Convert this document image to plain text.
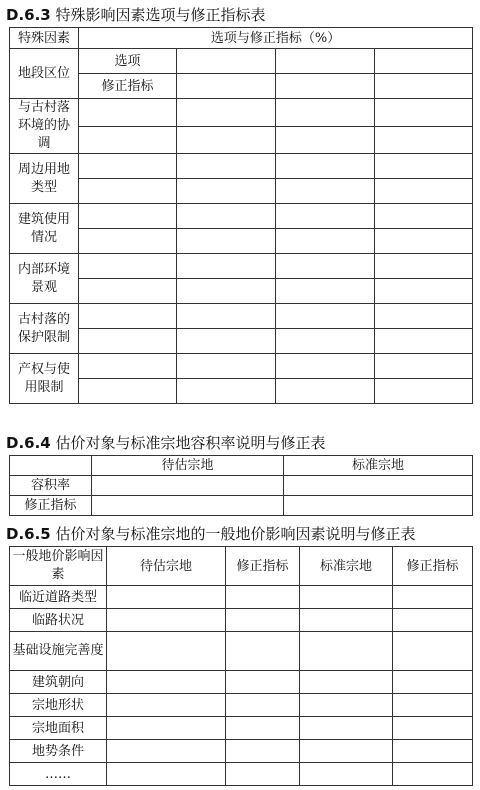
D.6.3 特殊影响因素选项与修正指标表
特殊因素	选项与修正指标（%）			
地段区位	选项			
	修正指标			
与古村落环境的协调				

周边用地类型				

建筑使用情况				

内部环境景观				

古村落的保护限制				

产权与使用限制				

D.6.4 估价对象与标准宗地容积率说明与修正表
	待估宗地	标准宗地
容积率		
修正指标		
D.6.5 估价对象与标准宗地的一般地价影响因素说明与修正表
一般地价影响因素	待估宗地	修正指标	标准宗地	修正指标
临近道路类型				
临路状况				
基础设施完善度				
建筑朝向				
宗地形状				
宗地面积				
地势条件				
……				
